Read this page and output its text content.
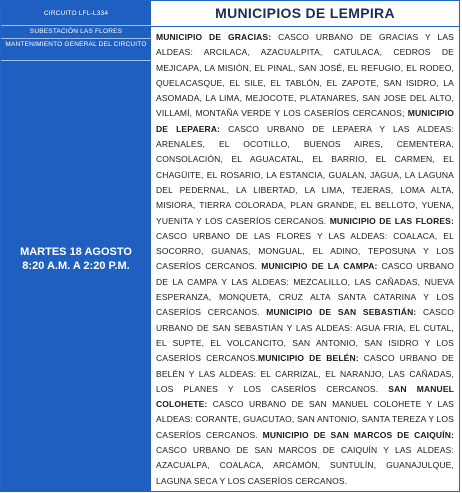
CIRCUITO LFL-L334
SUBESTACIÓN LAS FLORES
MANTENIMIENTO GENERAL DEL CIRCUITO
MARTES 18 AGOSTO
8:20 A.M. A 2:20 P.M.
MUNICIPIOS DE LEMPIRA
MUNICIPIO DE GRACIAS: CASCO URBANO DE GRACIAS Y LAS ALDEAS: ARCILACA, AZACUALPITA, CATULACA, CEDROS DE MEJICAPA, LA MISIÓN, EL PINAL, SAN JOSÉ, EL REFUGIO, EL RODEO, QUELACASQUE, EL SILE, EL TABLÓN, EL ZAPOTE, SAN ISIDRO, LA ASOMADA, LA LIMA, MEJOCOTE, PLATANARES, SAN JOSE DEL ALTO, VILLAMÍ, MONTAÑA VERDE Y LOS CASERÍOS CERCANOS; MUNICIPIO DE LEPAERA: CASCO URBANO DE LEPAERA Y LAS ALDEAS: ARENALES, EL OCOTILLO, BUENOS AIRES, CEMENTERA, CONSOLACIÓN, EL AGUACATAL, EL BARRIO, EL CARMEN, EL CHAGÜITE, EL ROSARIO, LA ESTANCIA, GUALAN, JAGUA, LA LAGUNA DEL PEDERNAL, LA LIBERTAD, LA LIMA, TEJERAS, LOMA ALTA, MISIORA, TIERRA COLORADA, PLAN GRANDE, EL BELLOTO, YUENA, YUENITA Y LOS CASERÍOS CERCANOS. MUNICIPIO DE LAS FLORES: CASCO URBANO DE LAS FLORES Y LAS ALDEAS: COALACA, EL SOCORRO, GUANAS, MONGUAL, EL ADINO, TEPOSUNA Y LOS CASERÍOS CERCANOS. MUNICIPIO DE LA CAMPA: CASCO URBANO DE LA CAMPA Y LAS ALDEAS: MEZCALILLO, LAS CAÑADAS, NUEVA ESPERANZA, MONQUETA, CRUZ ALTA SANTA CATARINA Y LOS CASERÍOS CERCANOS. MUNICIPIO DE SAN SEBASTIÁN: CASCO URBANO DE SAN SEBASTIÁN Y LAS ALDEAS: AGUA FRIA, EL CUTAL, EL SUPTE, EL VOLCANCITO, SAN ANTONIO, SAN ISIDRO Y LOS CASERÍOS CERCANOS.MUNICIPIO DE BELÉN: CASCO URBANO DE BELÉN Y LAS ALDEAS: EL CARRIZAL, EL NARANJO, LAS CAÑADAS, LOS PLANES Y LOS CASERÍOS CERCANOS. SAN MANUEL COLOHETE: CASCO URBANO DE SAN MANUEL COLOHETE Y LAS ALDEAS: CORANTE, GUACUTAO, SAN ANTONIO, SANTA TEREZA Y LOS CASERÍOS CERCANOS. MUNICIPIO DE SAN MARCOS DE CAIQUÍN: CASCO URBANO DE SAN MARCOS DE CAIQUÍN Y LAS ALDEAS: AZACUALPA, COALACA, ARCAMÓN, SUNTULÍN, GUANAJULQUE, LAGUNA SECA Y LOS CASERÍOS CERCANOS.
